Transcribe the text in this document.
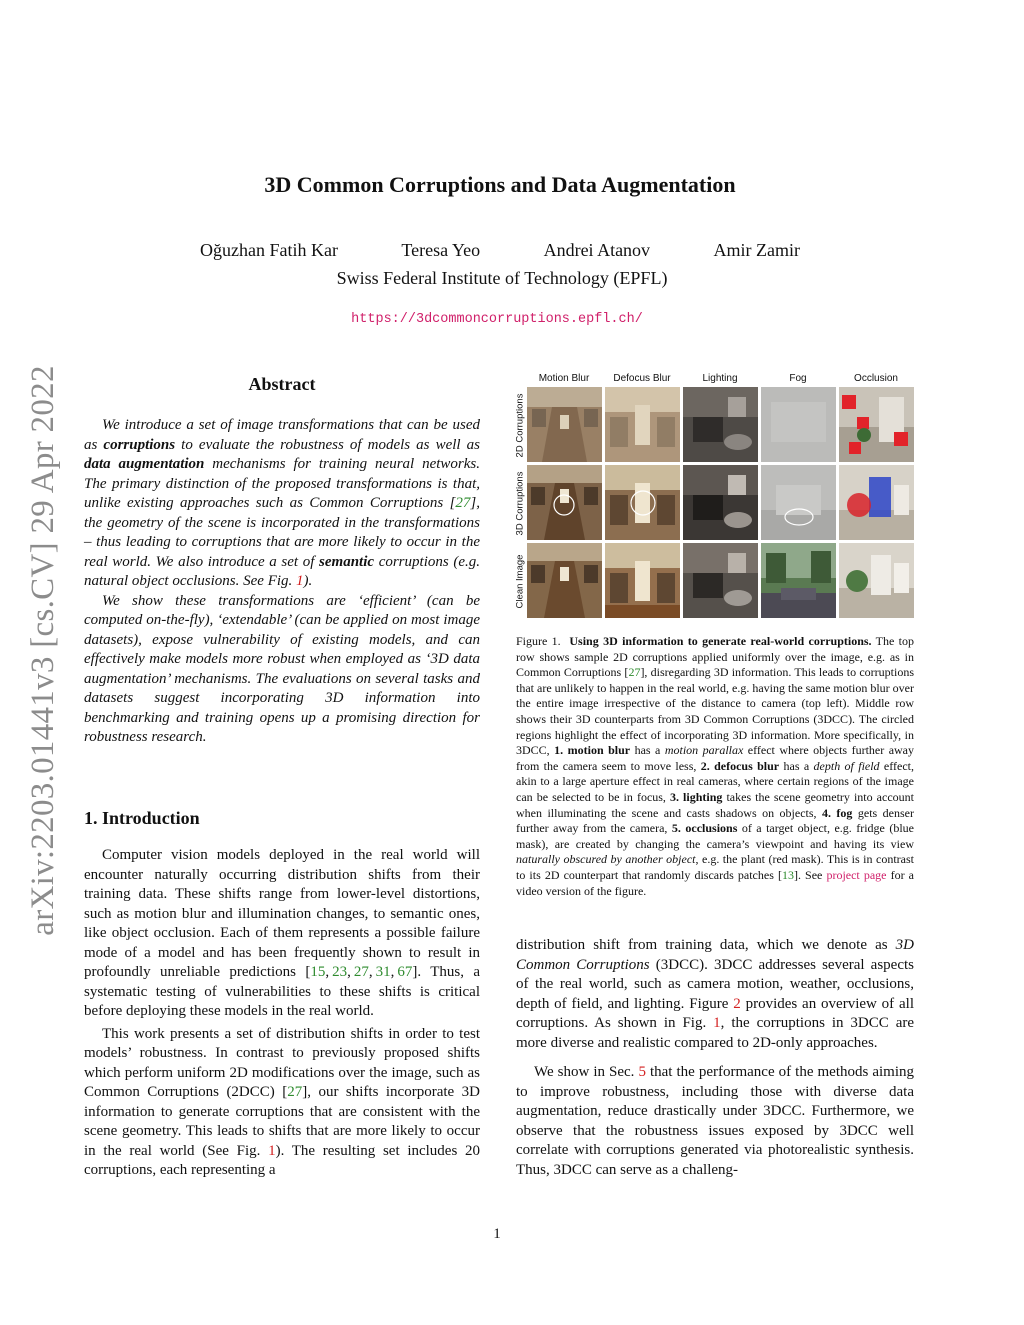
arXiv:2203.01441v3 [cs.CV] 29 Apr 2022
3D Common Corruptions and Data Augmentation
Oğuzhan Fatih Kar	Teresa Yeo	Andrei Atanov	Amir Zamir
Swiss Federal Institute of Technology (EPFL)
https://3dcommoncorruptions.epfl.ch/
Abstract

We introduce a set of image transformations that can be used as corruptions to evaluate the robustness of models as well as data augmentation mechanisms for training neural networks. The primary distinction of the proposed transformations is that, unlike existing approaches such as Common Corruptions [27], the geometry of the scene is incorporated in the transformations – thus leading to corruptions that are more likely to occur in the real world. We also introduce a set of semantic corruptions (e.g. natural object occlusions. See Fig. 1).

We show these transformations are ‘efficient’ (can be computed on-the-fly), ‘extendable’ (can be applied on most image datasets), expose vulnerability of existing models, and can effectively make models more robust when employed as ‘3D data augmentation’ mechanisms. The evaluations on several tasks and datasets suggest incorporating 3D information into benchmarking and training opens up a promising direction for robustness research.

1. Introduction

Computer vision models deployed in the real world will encounter naturally occurring distribution shifts from their training data. These shifts range from lower-level distortions, such as motion blur and illumination changes, to semantic ones, like object occlusion. Each of them represents a possible failure mode of a model and has been frequently shown to result in profoundly unreliable predictions [15, 23, 27, 31, 67]. Thus, a systematic testing of vulnerabilities to these shifts is critical before deploying these models in the real world.

This work presents a set of distribution shifts in order to test models’ robustness. In contrast to previously proposed shifts which perform uniform 2D modifications over the image, such as Common Corruptions (2DCC) [27], our shifts incorporate 3D information to generate corruptions that are consistent with the scene geometry. This leads to shifts that are more likely to occur in the real world (See Fig. 1). The resulting set includes 20 corruptions, each representing a

Motion Blur	Defocus Blur	Lighting	Fog	Occlusion
2D Corruptions
3D Corruptions
Clean Image

Figure 1. Using 3D information to generate real-world corruptions. The top row shows sample 2D corruptions applied uniformly over the image, e.g. as in Common Corruptions [27], disregarding 3D information. This leads to corruptions that are unlikely to happen in the real world, e.g. having the same motion blur over the entire image irrespective of the distance to camera (top left). Middle row shows their 3D counterparts from 3D Common Corruptions (3DCC). The circled regions highlight the effect of incorporating 3D information. More specifically, in 3DCC, 1. motion blur has a motion parallax effect where objects further away from the camera seem to move less, 2. defocus blur has a depth of field effect, akin to a large aperture effect in real cameras, where certain regions of the image can be selected to be in focus, 3. lighting takes the scene geometry into account when illuminating the scene and casts shadows on objects, 4. fog gets denser further away from the camera, 5. occlusions of a target object, e.g. fridge (blue mask), are created by changing the camera’s viewpoint and having its view naturally obscured by another object, e.g. the plant (red mask). This is in contrast to its 2D counterpart that randomly discards patches [13]. See project page for a video version of the figure.

distribution shift from training data, which we denote as 3D Common Corruptions (3DCC). 3DCC addresses several aspects of the real world, such as camera motion, weather, occlusions, depth of field, and lighting. Figure 2 provides an overview of all corruptions. As shown in Fig. 1, the corruptions in 3DCC are more diverse and realistic compared to 2D-only approaches.

We show in Sec. 5 that the performance of the methods aiming to improve robustness, including those with diverse data augmentation, reduce drastically under 3DCC. Furthermore, we observe that the robustness issues exposed by 3DCC well correlate with corruptions generated via photorealistic synthesis. Thus, 3DCC can serve as a challeng-

1
